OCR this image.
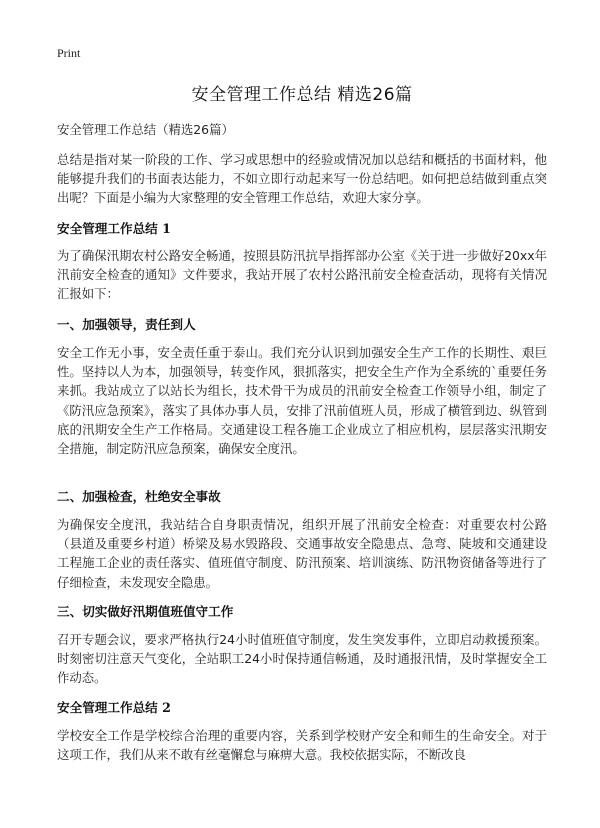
Print
安全管理工作总结 精选26篇
安全管理工作总结（精选26篇）
总结是指对某一阶段的工作、学习或思想中的经验或情况加以总结和概括的书面材料，他能够提升我们的书面表达能力，不如立即行动起来写一份总结吧。如何把总结做到重点突出呢？下面是小编为大家整理的安全管理工作总结，欢迎大家分享。
安全管理工作总结 1
为了确保汛期农村公路安全畅通，按照县防汛抗旱指挥部办公室《关于进一步做好20xx年汛前安全检查的通知》文件要求，我站开展了农村公路汛前安全检查活动，现将有关情况汇报如下：
一、加强领导，责任到人
安全工作无小事，安全责任重于泰山。我们充分认识到加强安全生产工作的长期性、艰巨性。坚持以人为本，加强领导，转变作风，狠抓落实，把安全生产作为全系统的`重要任务来抓。我站成立了以站长为组长，技术骨干为成员的汛前安全检查工作领导小组，制定了《防汛应急预案》，落实了具体办事人员，安排了汛前值班人员，形成了横管到边、纵管到底的汛期安全生产工作格局。交通建设工程各施工企业成立了相应机构，层层落实汛期安全措施，制定防汛应急预案，确保安全度汛。
二、加强检查，杜绝安全事故
为确保安全度汛，我站结合自身职责情况，组织开展了汛前安全检查：对重要农村公路（县道及重要乡村道）桥梁及易水毁路段、交通事故安全隐患点、急弯、陡坡和交通建设工程施工企业的责任落实、值班值守制度、防汛预案、培训演练、防汛物资储备等进行了仔细检查，未发现安全隐患。
三、切实做好汛期值班值守工作
召开专题会议，要求严格执行24小时值班值守制度，发生突发事件，立即启动救援预案。时刻密切注意天气变化，全站职工24小时保持通信畅通，及时通报汛情，及时掌握安全工作动态。
安全管理工作总结 2
学校安全工作是学校综合治理的重要内容，关系到学校财产安全和师生的生命安全。对于这项工作，我们从来不敢有丝毫懈怠与麻痹大意。我校依据实际，不断改良
